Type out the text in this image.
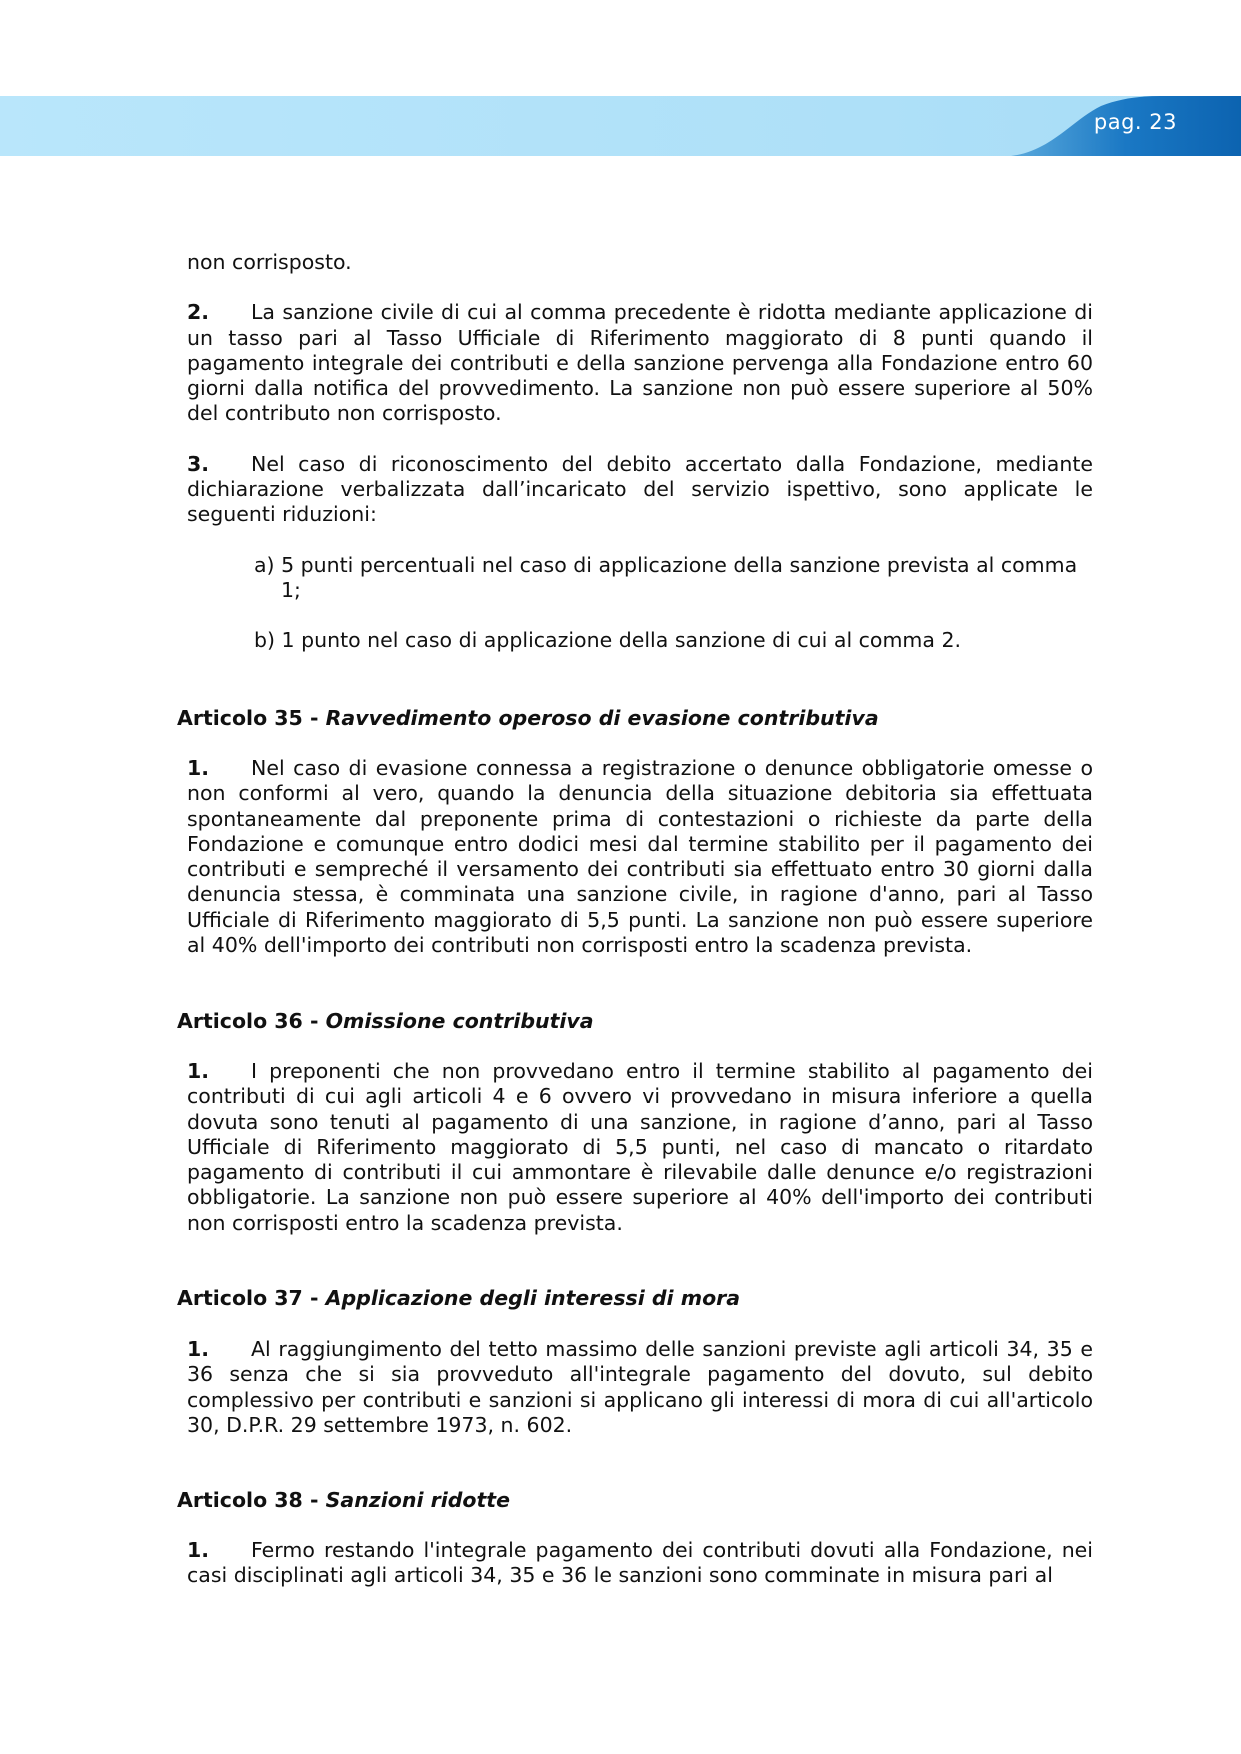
pag. 23

non corrisposto.

2. La sanzione civile di cui al comma precedente è ridotta mediante applicazione di un tasso pari al Tasso Ufficiale di Riferimento maggiorato di 8 punti quando il pagamento integrale dei contributi e della sanzione pervenga alla Fondazione entro 60 giorni dalla notifica del provvedimento. La sanzione non può essere superiore al 50% del contributo non corrisposto.

3. Nel caso di riconoscimento del debito accertato dalla Fondazione, mediante dichiarazione verbalizzata dall’incaricato del servizio ispettivo, sono applicate le seguenti riduzioni:

a) 5 punti percentuali nel caso di applicazione della sanzione prevista al comma 1;

b) 1 punto nel caso di applicazione della sanzione di cui al comma 2.

Articolo 35 - Ravvedimento operoso di evasione contributiva

1. Nel caso di evasione connessa a registrazione o denunce obbligatorie omesse o non conformi al vero, quando la denuncia della situazione debitoria sia effettuata spontaneamente dal preponente prima di contestazioni o richieste da parte della Fondazione e comunque entro dodici mesi dal termine stabilito per il pagamento dei contributi e sempreché il versamento dei contributi sia effettuato entro 30 giorni dalla denuncia stessa, è comminata una sanzione civile, in ragione d'anno, pari al Tasso Ufficiale di Riferimento maggiorato di 5,5 punti. La sanzione non può essere superiore al 40% dell'importo dei contributi non corrisposti entro la scadenza prevista.

Articolo 36 - Omissione contributiva

1. I preponenti che non provvedano entro il termine stabilito al pagamento dei contributi di cui agli articoli 4 e 6 ovvero vi provvedano in misura inferiore a quella dovuta sono tenuti al pagamento di una sanzione, in ragione d’anno, pari al Tasso Ufficiale di Riferimento maggiorato di 5,5 punti, nel caso di mancato o ritardato pagamento di contributi il cui ammontare è rilevabile dalle denunce e/o registrazioni obbligatorie. La sanzione non può essere superiore al 40% dell'importo dei contributi non corrisposti entro la scadenza prevista.

Articolo 37 - Applicazione degli interessi di mora

1. Al raggiungimento del tetto massimo delle sanzioni previste agli articoli 34, 35 e 36 senza che si sia provveduto all'integrale pagamento del dovuto, sul debito complessivo per contributi e sanzioni si applicano gli interessi di mora di cui all'articolo 30, D.P.R. 29 settembre 1973, n. 602.

Articolo 38 - Sanzioni ridotte

1. Fermo restando l'integrale pagamento dei contributi dovuti alla Fondazione, nei casi disciplinati agli articoli 34, 35 e 36 le sanzioni sono comminate in misura pari al
